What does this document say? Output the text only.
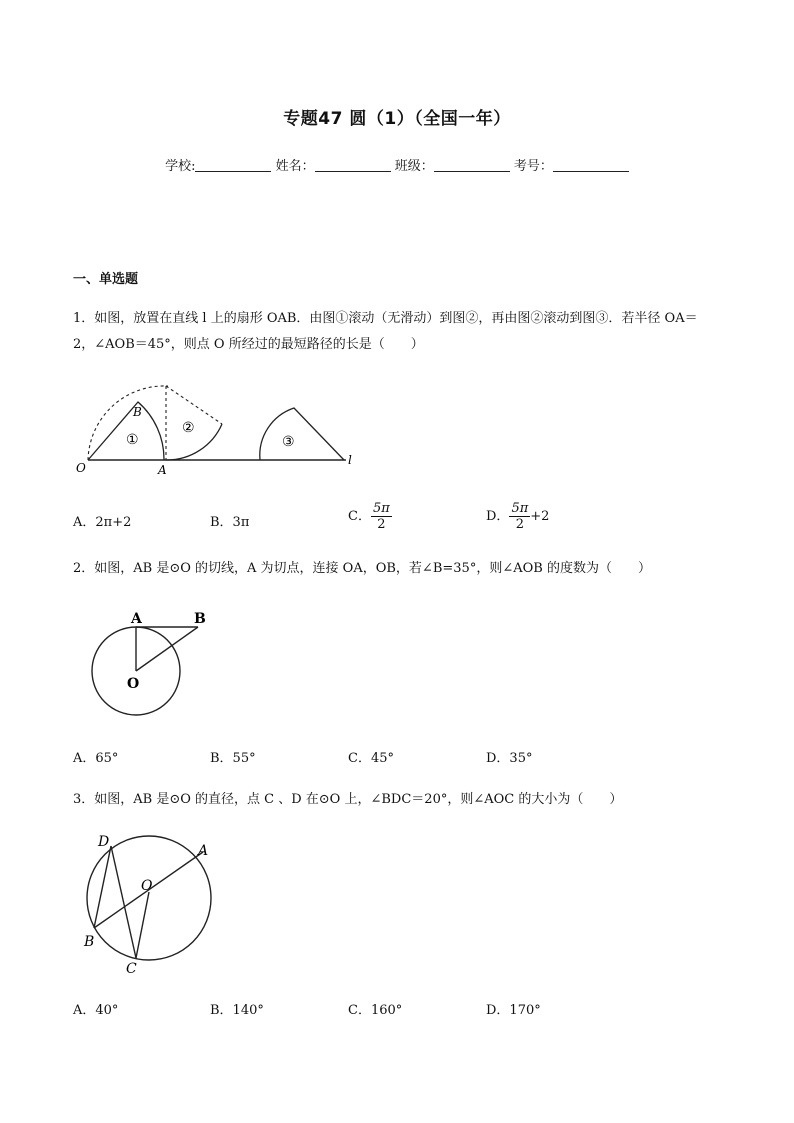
专题47 圆（1）（全国一年）
学校:	姓名：	班级：	考号：
一、单选题
1．如图，放置在直线 l 上的扇形 OAB．由图①滚动（无滑动）到图②，再由图②滚动到图③．若半径 OA＝
2，∠AOB＝45°，则点 O 所经过的最短路径的长是（　　）
O	A
B
l
①
②
③
A．2π+2	B．3π	C． $\frac{5\pi}{2}$	D． $\frac{5\pi}{2} +2$
2．如图，AB 是⊙O 的切线，A 为切点，连接 OA，OB，若∠B=35°，则∠AOB 的度数为（　　）
A	B
O
A．65°	B．55°	C．45°	D．35°
3．如图，AB 是⊙O 的直径，点 C 、D 在⊙O 上，∠BDC＝20°，则∠AOC 的大小为（　　）
D
A
O
B
C
A．40°	B．140°	C．160°	D．170°
